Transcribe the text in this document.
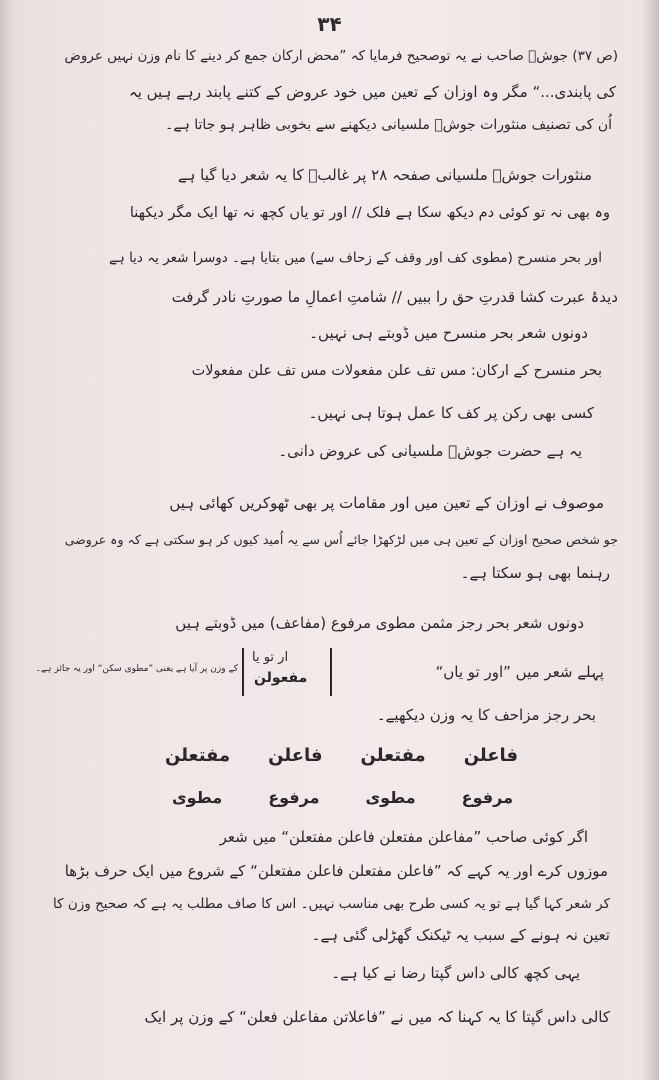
۳۴
(ص ۳۷) جوشؔ صاحب نے یہ توصحیح فرمایا کہ ”محض ارکان جمع کر دینے کا نام وزن نہیں عروض
کی پابندی...“ مگر وہ اوزان کے تعین میں خود عروض کے کتنے پابند رہے ہیں یہ
اُن کی تصنیف منثورات جوشؔ ملسیانی دیکھنے سے بخوبی ظاہر ہو جاتا ہے۔
منثورات جوشؔ ملسیانی صفحہ ۲۸ پر غالبؔ کا یہ شعر دیا گیا ہے
وہ بھی نہ تو کوئی دم دیکھ سکا ہے فلک // اور تو یاں کچھ نہ تھا ایک مگر دیکھنا
اور بحر منسرح (مطوی کف اور وقف کے زحاف سے) میں بتایا ہے۔ دوسرا شعر یہ دیا ہے
دیدۂ عبرت کشا قدرتِ حق را ببیں // شامتِ اعمالِ ما صورتِ نادر گرفت
دونوں شعر بحر منسرح میں ڈوبتے ہی نہیں۔
بحر منسرح کے ارکان: مس تف علن مفعولات مس تف علن مفعولات
کسی بھی رکن پر کف کا عمل ہوتا ہی نہیں۔
یہ ہے حضرت جوشؔ ملسیانی کی عروض دانی۔
موصوف نے اوزان کے تعین میں اور مقامات پر بھی ٹھوکریں کھائی ہیں
جو شخص صحیح اوزان کے تعین ہی میں لڑکھڑا جائے اُس سے یہ اُمید کیوں کر ہو سکتی ہے کہ وہ عروضی
رہنما بھی ہو سکتا ہے۔
دونوں شعر بحر رجز مثمن مطوی مرفوع (مفاعف) میں ڈوبتے ہیں
پہلے شعر میں ”اور تو یاں“
ار تو یا
مفعولن
کے وزن پر آیا ہے یعنی ”مطوی سکن“ اور یہ جائز ہے۔
بحر رجز مزاحف کا یہ وزن دیکھیے۔
فاعلن
مفتعلن
فاعلن
مفتعلن
مرفوع
مطوی
مرفوع
مطوی
اگر کوئی صاحب ”مفاعلن مفتعلن فاعلن مفتعلن“ میں شعر
موزوں کرے اور یہ کہے کہ ”فاعلن مفتعلن فاعلن مفتعلن“ کے شروع میں ایک حرف بڑھا
کر شعر کہا گیا ہے تو یہ کسی طرح بھی مناسب نہیں۔ اس کا صاف مطلب یہ ہے کہ صحیح وزن کا
تعین نہ ہونے کے سبب یہ ٹیکنک گھڑلی گئی ہے۔
یہی کچھ کالی داس گپتا رضا نے کیا ہے۔
کالی داس گپتا کا یہ کہنا کہ میں نے ”فاعلاتن مفاعلن فعلن“ کے وزن پر ایک
